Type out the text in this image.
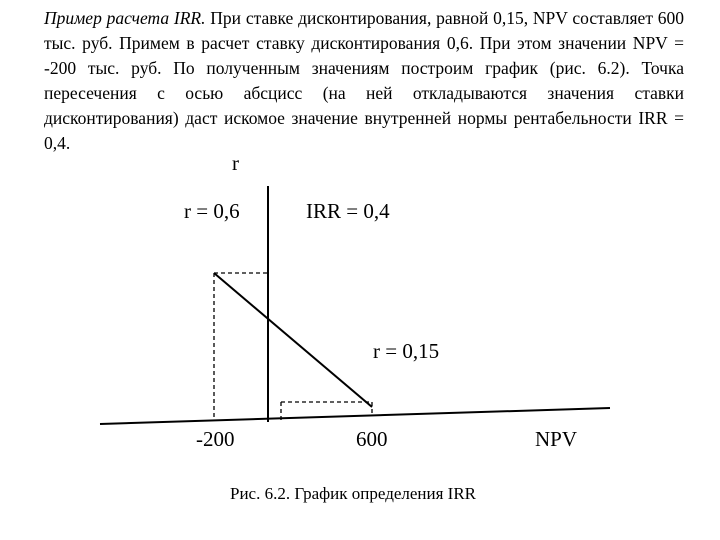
Пример расчета IRR. При ставке дисконтирования, равной 0,15, NPV составляет 600 тыс. руб. Примем в расчет ставку дисконтирования 0,6. При этом значении NPV = -200 тыс. руб. По полученным значениям построим график (рис. 6.2). Точка пересечения с осью абсцисс (на ней откладываются значения ставки дисконтирования) даст искомое значение внутренней нормы рентабельности IRR = 0,4.
r
r = 0,6	IRR = 0,4
r = 0,15
-200	600	NPV
Рис. 6.2. График определения IRR
